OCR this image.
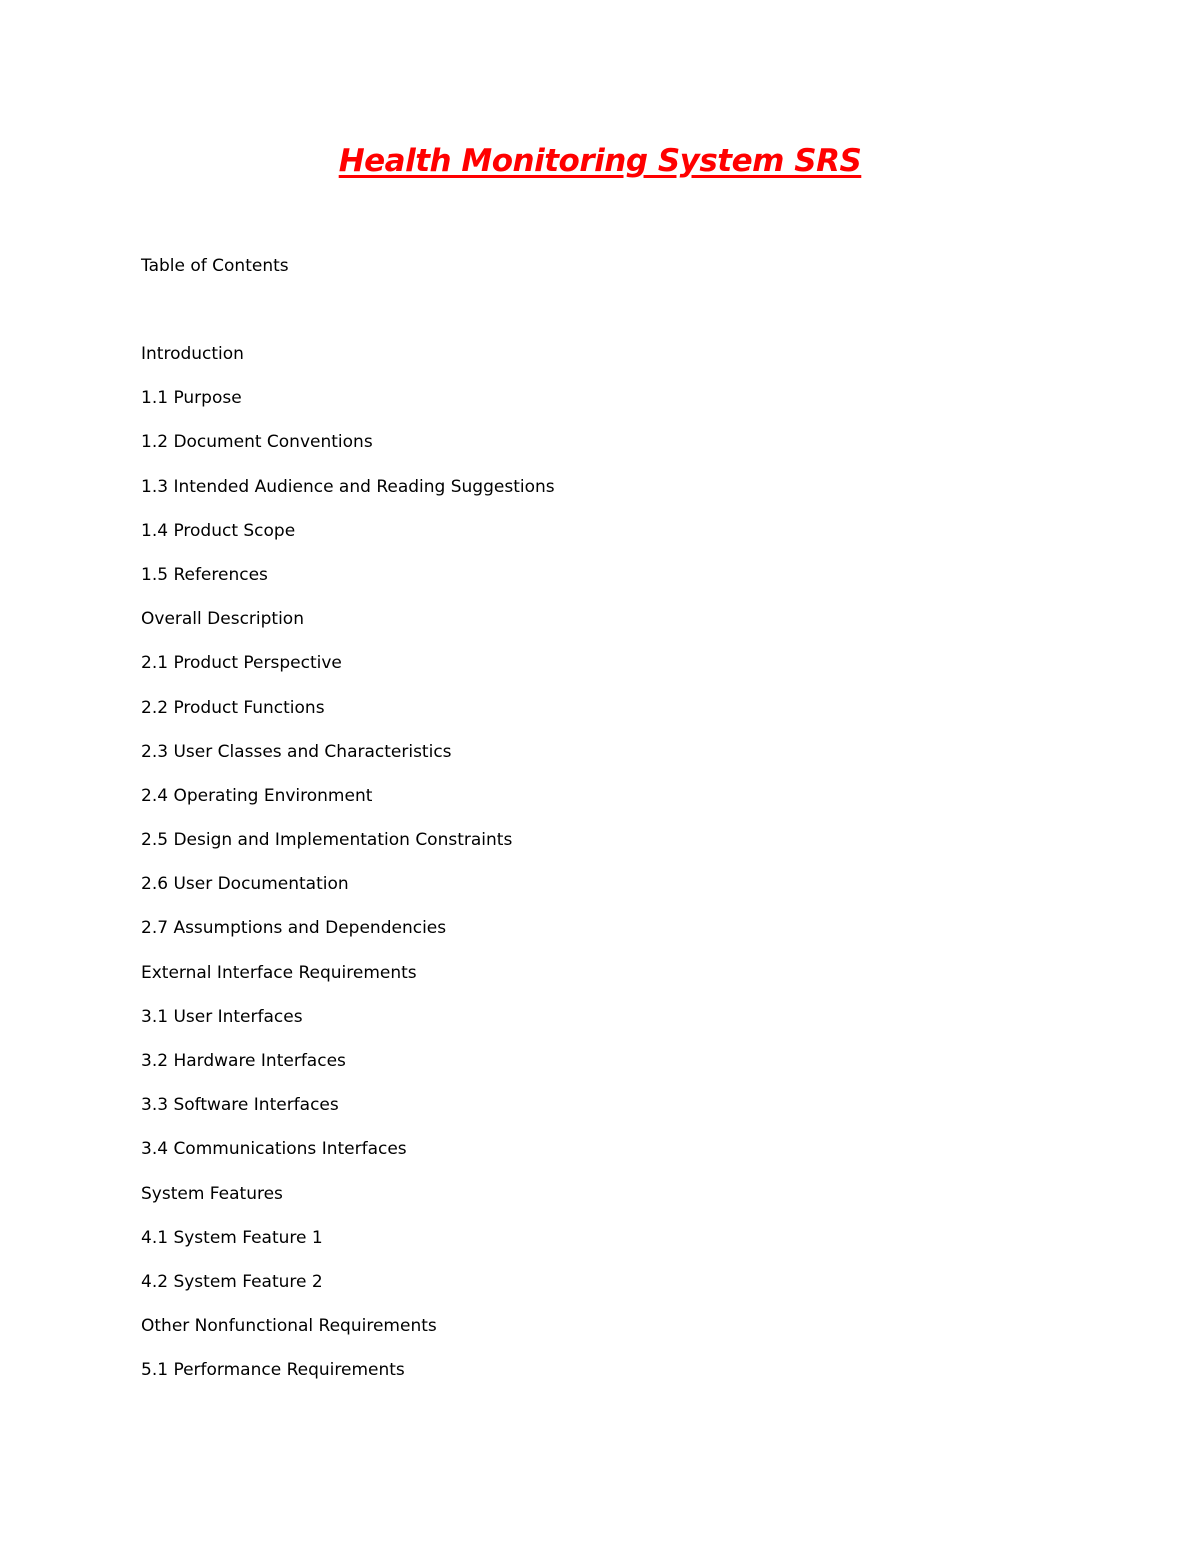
Health Monitoring System SRS
Table of Contents
Introduction
1.1 Purpose
1.2 Document Conventions
1.3 Intended Audience and Reading Suggestions
1.4 Product Scope
1.5 References
Overall Description
2.1 Product Perspective
2.2 Product Functions
2.3 User Classes and Characteristics
2.4 Operating Environment
2.5 Design and Implementation Constraints
2.6 User Documentation
2.7 Assumptions and Dependencies
External Interface Requirements
3.1 User Interfaces
3.2 Hardware Interfaces
3.3 Software Interfaces
3.4 Communications Interfaces
System Features
4.1 System Feature 1
4.2 System Feature 2
Other Nonfunctional Requirements
5.1 Performance Requirements
